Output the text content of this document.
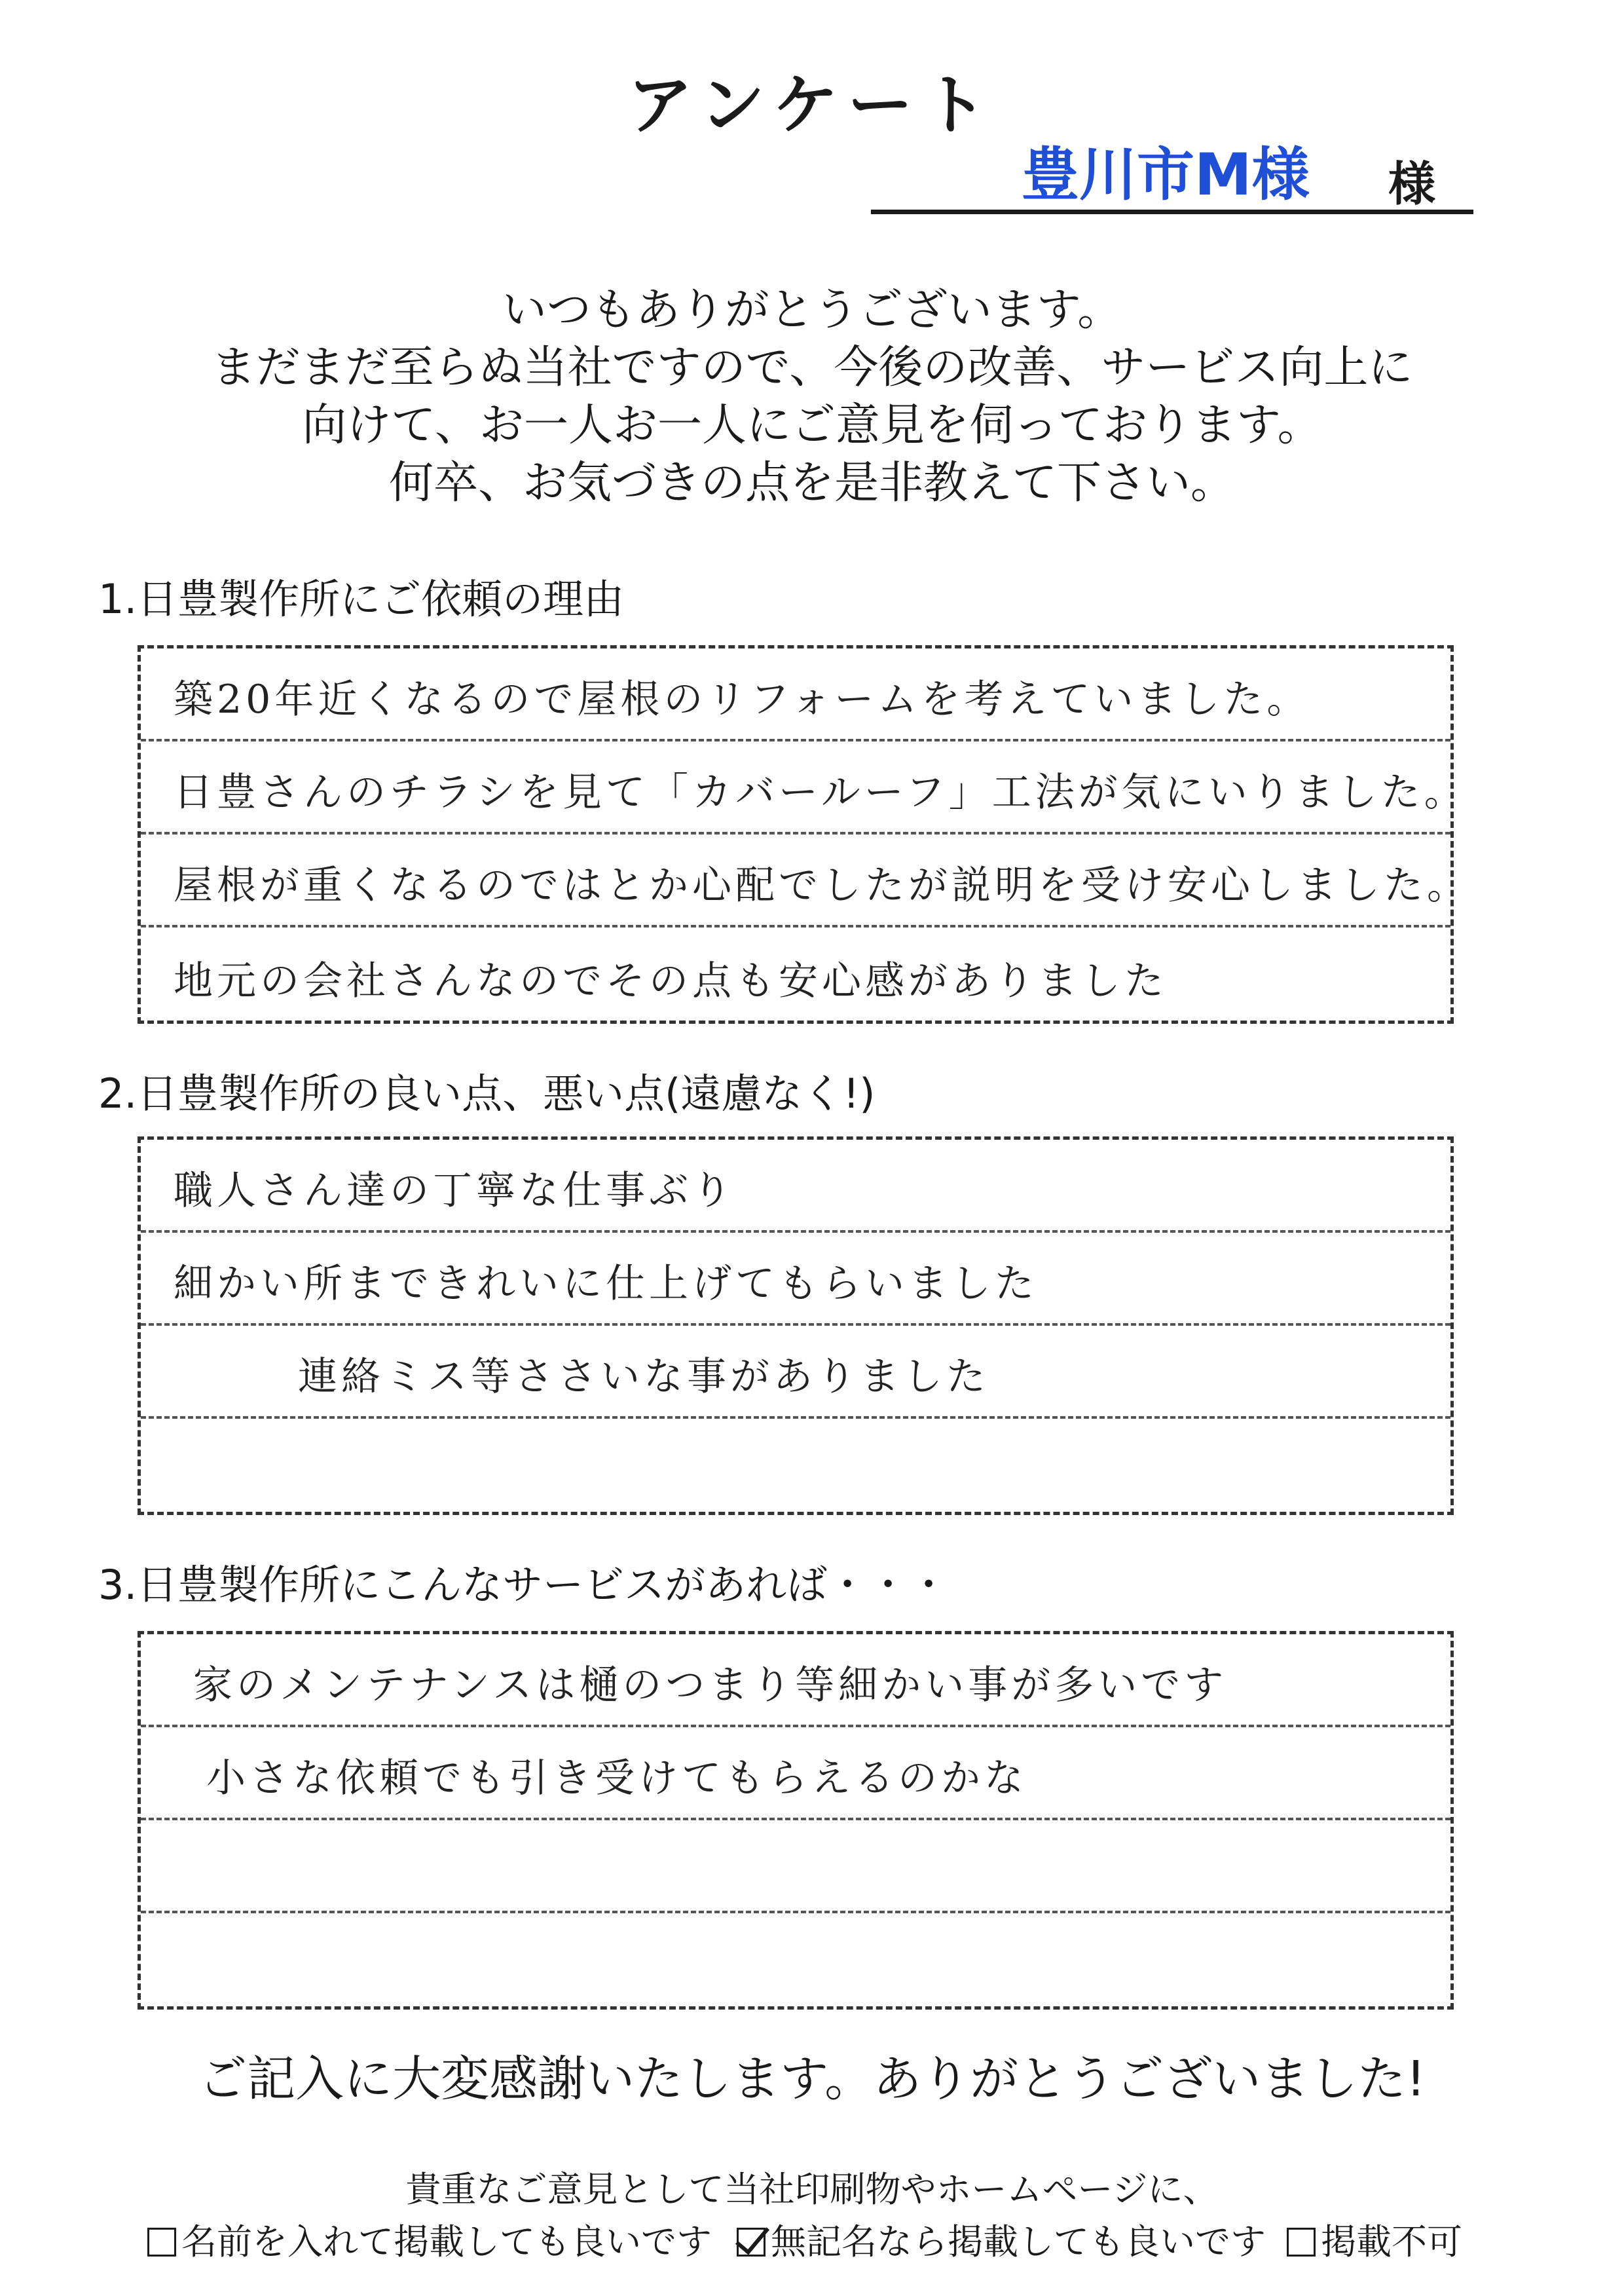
アンケート
豊川市M様 様
いつもありがとうございます。
まだまだ至らぬ当社ですので、今後の改善、サービス向上に
向けて、お一人お一人にご意見を伺っております。
何卒、お気づきの点を是非教えて下さい。
1.日豊製作所にご依頼の理由
築20年近くなるので屋根のリフォームを考えていました。
日豊さんのチラシを見て「カバールーフ」工法が気にいりました。
屋根が重くなるのではとか心配でしたが説明を受け安心しました。
地元の会社さんなのでその点も安心感がありました
2.日豊製作所の良い点、悪い点(遠慮なく!)
職人さん達の丁寧な仕事ぶり
細かい所まできれいに仕上げてもらいました
連絡ミス等ささいな事がありました
3.日豊製作所にこんなサービスがあれば・・・
家のメンテナンスは樋のつまり等細かい事が多いです
小さな依頼でも引き受けてもらえるのかな
ご記入に大変感謝いたします。ありがとうございました!
貴重なご意見として当社印刷物やホームページに、
名前を入れて掲載しても良いです	無記名なら掲載しても良いです	掲載不可
